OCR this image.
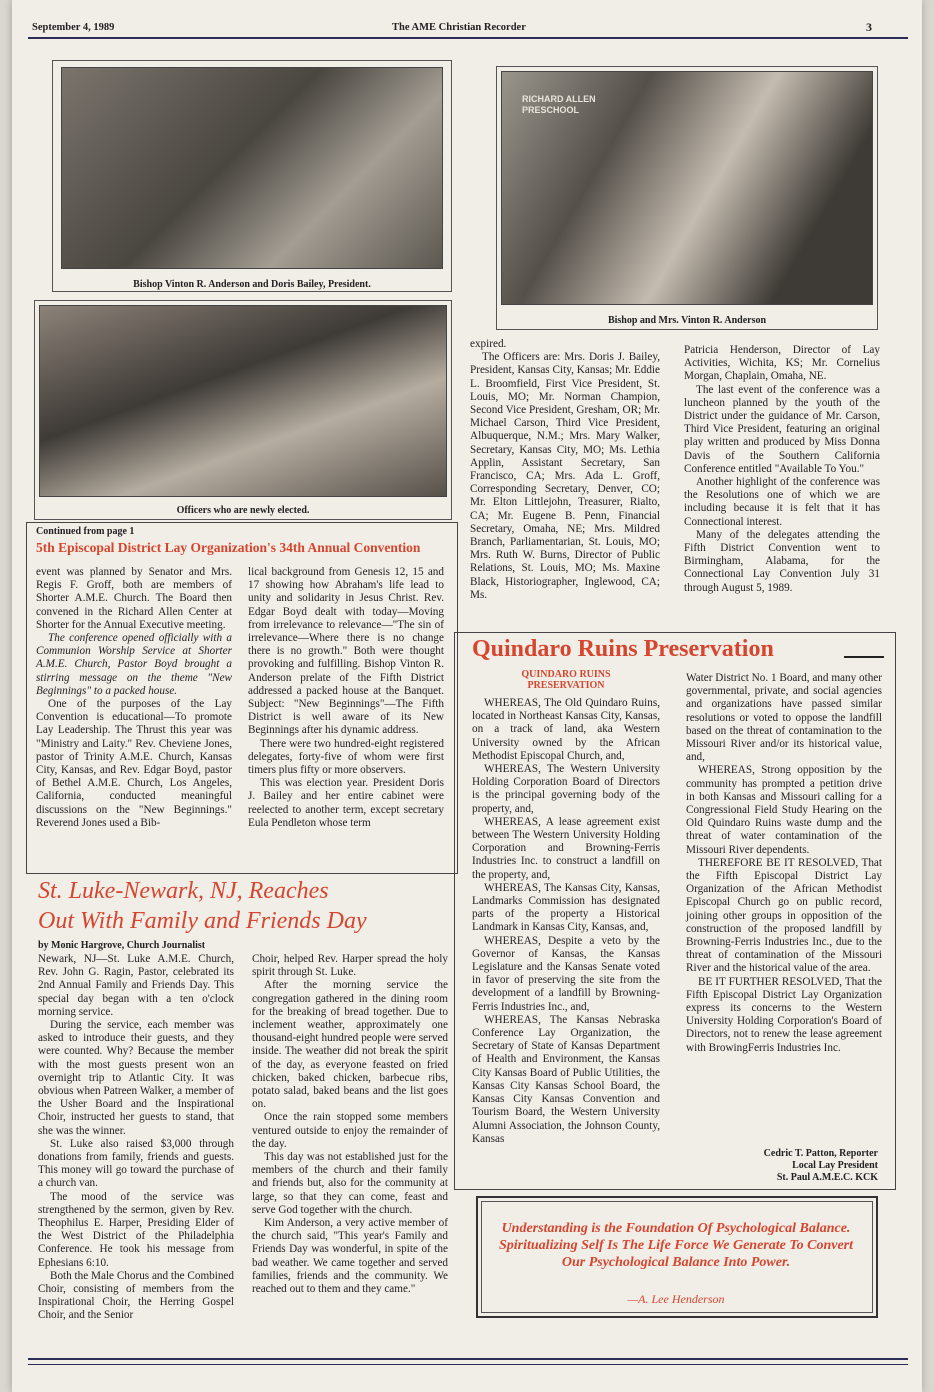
September 4, 1989	The AME Christian Recorder	3
Bishop Vinton R. Anderson and Doris Bailey, President.
Officers who are newly elected.
RICHARD ALLEN PRESCHOOL
Bishop and Mrs. Vinton R. Anderson
Continued from page 1
5th Episcopal District Lay Organization's 34th Annual Convention

event was planned by Senator and Mrs. Regis F. Groff, both are members of Shorter A.M.E. Church. The Board then convened in the Richard Allen Center at Shorter for the Annual Executive meeting.

The conference opened officially with a Communion Worship Service at Shorter A.M.E. Church, Pastor Boyd brought a stirring message on the theme "New Beginnings" to a packed house.

One of the purposes of the Lay Convention is educational—To promote Lay Leadership. The Thrust this year was "Ministry and Laity." Rev. Cheviene Jones, pastor of Trinity A.M.E. Church, Kansas City, Kansas, and Rev. Edgar Boyd, pastor of Bethel A.M.E. Church, Los Angeles, California, conducted meaningful discussions on the "New Beginnings." Reverend Jones used a Bib-

lical background from Genesis 12, 15 and 17 showing how Abraham's life lead to unity and solidarity in Jesus Christ. Rev. Edgar Boyd dealt with today—Moving from irrelevance to relevance—"The sin of irrelevance—Where there is no change there is no growth." Both were thought provoking and fulfilling. Bishop Vinton R. Anderson prelate of the Fifth District addressed a packed house at the Banquet. Subject: "New Beginnings"—The Fifth District is well aware of its New Beginnings after his dynamic address.

There were two hundred-eight registered delegates, forty-five of whom were first timers plus fifty or more observers.

This was election year. President Doris J. Bailey and her entire cabinet were reelected to another term, except secretary Eula Pendleton whose term

expired.

The Officers are: Mrs. Doris J. Bailey, President, Kansas City, Kansas; Mr. Eddie L. Broomfield, First Vice President, St. Louis, MO; Mr. Norman Champion, Second Vice President, Gresham, OR; Mr. Michael Carson, Third Vice President, Albuquerque, N.M.; Mrs. Mary Walker, Secretary, Kansas City, MO; Ms. Lethia Applin, Assistant Secretary, San Francisco, CA; Mrs. Ada L. Groff, Corresponding Secretary, Denver, CO; Mr. Elton Littlejohn, Treasurer, Rialto, CA; Mr. Eugene B. Penn, Financial Secretary, Omaha, NE; Mrs. Mildred Branch, Parliamentarian, St. Louis, MO; Mrs. Ruth W. Burns, Director of Public Relations, St. Louis, MO; Ms. Maxine Black, Historiographer, Inglewood, CA; Ms.

Patricia Henderson, Director of Lay Activities, Wichita, KS; Mr. Cornelius Morgan, Chaplain, Omaha, NE.

The last event of the conference was a luncheon planned by the youth of the District under the guidance of Mr. Carson, Third Vice President, featuring an original play written and produced by Miss Donna Davis of the Southern California Conference entitled "Available To You."

Another highlight of the conference was the Resolutions one of which we are including because it is felt that it has Connectional interest.

Many of the delegates attending the Fifth District Convention went to Birmingham, Alabama, for the Connectional Lay Convention July 31 through August 5, 1989.

St. Luke-Newark, NJ, Reaches
Out With Family and Friends Day
by Monic Hargrove, Church Journalist

Newark, NJ—St. Luke A.M.E. Church, Rev. John G. Ragin, Pastor, celebrated its 2nd Annual Family and Friends Day. This special day began with a ten o'clock morning service.

During the service, each member was asked to introduce their guests, and they were counted. Why? Because the member with the most guests present won an overnight trip to Atlantic City. It was obvious when Patreen Walker, a member of the Usher Board and the Inspirational Choir, instructed her guests to stand, that she was the winner.

St. Luke also raised $3,000 through donations from family, friends and guests. This money will go toward the purchase of a church van.

The mood of the service was strengthened by the sermon, given by Rev. Theophilus E. Harper, Presiding Elder of the West District of the Philadelphia Conference. He took his message from Ephesians 6:10.

Both the Male Chorus and the Combined Choir, consisting of members from the Inspirational Choir, the Herring Gospel Choir, and the Senior

Choir, helped Rev. Harper spread the holy spirit through St. Luke.

After the morning service the congregation gathered in the dining room for the breaking of bread together. Due to inclement weather, approximately one thousand-eight hundred people were served inside. The weather did not break the spirit of the day, as everyone feasted on fried chicken, baked chicken, barbecue ribs, potato salad, baked beans and the list goes on.

Once the rain stopped some members ventured outside to enjoy the remainder of the day.

This day was not established just for the members of the church and their family and friends but, also for the community at large, so that they can come, feast and serve God together with the church.

Kim Anderson, a very active member of the church said, "This year's Family and Friends Day was wonderful, in spite of the bad weather. We came together and served families, friends and the community. We reached out to them and they came."

Quindaro Ruins Preservation
QUINDARO RUINS PRESERVATION

WHEREAS, The Old Quindaro Ruins, located in Northeast Kansas City, Kansas, on a track of land, aka Western University owned by the African Methodist Episcopal Church, and,

WHEREAS, The Western University Holding Corporation Board of Directors is the principal governing body of the property, and,

WHEREAS, A lease agreement exist between The Western University Holding Corporation and Browning-Ferris Industries Inc. to construct a landfill on the property, and,

WHEREAS, The Kansas City, Kansas, Landmarks Commission has designated parts of the property a Historical Landmark in Kansas City, Kansas, and,

WHEREAS, Despite a veto by the Governor of Kansas, the Kansas Legislature and the Kansas Senate voted in favor of preserving the site from the development of a landfill by Browning-Ferris Industries Inc., and,

WHEREAS, The Kansas Nebraska Conference Lay Organization, the Secretary of State of Kansas Department of Health and Environment, the Kansas City Kansas Board of Public Utilities, the Kansas City Kansas School Board, the Kansas City Kansas Convention and Tourism Board, the Western University Alumni Association, the Johnson County, Kansas

Water District No. 1 Board, and many other governmental, private, and social agencies and organizations have passed similar resolutions or voted to oppose the landfill based on the threat of contamination to the Missouri River and/or its historical value, and,

WHEREAS, Strong opposition by the community has prompted a petition drive in both Kansas and Missouri calling for a Congressional Field Study Hearing on the Old Quindaro Ruins waste dump and the threat of water contamination of the Missouri River dependents.

THEREFORE BE IT RESOLVED, That the Fifth Episcopal District Lay Organization of the African Methodist Episcopal Church go on public record, joining other groups in opposition of the construction of the proposed landfill by Browning-Ferris Industries Inc., due to the threat of contamination of the Missouri River and the historical value of the area.

BE IT FURTHER RESOLVED, That the Fifth Episcopal District Lay Organization express its concerns to the Western University Holding Corporation's Board of Directors, not to renew the lease agreement with BrowingFerris Industries Inc.

Cedric T. Patton, Reporter
Local Lay President
St. Paul A.M.E.C. KCK
Understanding is the Foundation Of Psychological Balance. Spiritualizing Self Is The Life Force We Generate To Convert Our Psychological Balance Into Power.
—A. Lee Henderson
